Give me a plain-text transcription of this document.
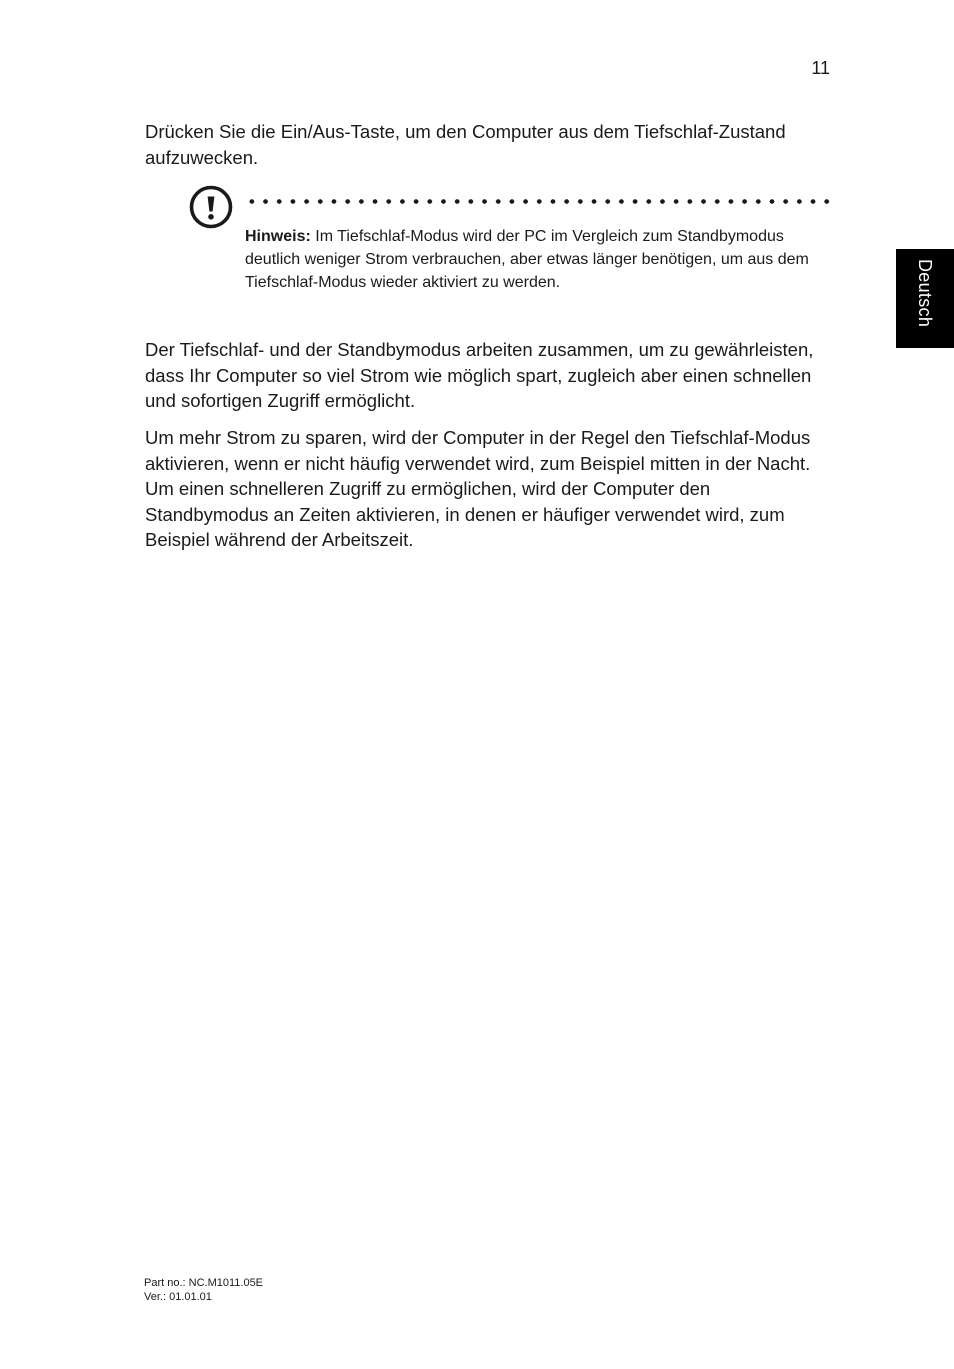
11
Deutsch

Drücken Sie die Ein/Aus-Taste, um den Computer aus dem Tiefschlaf-Zustand aufzuwecken.

Hinweis: Im Tiefschlaf-Modus wird der PC im Vergleich zum Standbymodus deutlich weniger Strom verbrauchen, aber etwas länger benötigen, um aus dem Tiefschlaf-Modus wieder aktiviert zu werden.

Der Tiefschlaf- und der Standbymodus arbeiten zusammen, um zu gewährleisten, dass Ihr Computer so viel Strom wie möglich spart, zugleich aber einen schnellen und sofortigen Zugriff ermöglicht.

Um mehr Strom zu sparen, wird der Computer in der Regel den Tiefschlaf-Modus aktivieren, wenn er nicht häufig verwendet wird, zum Beispiel mitten in der Nacht. Um einen schnelleren Zugriff zu ermöglichen, wird der Computer den Standbymodus an Zeiten aktivieren, in denen er häufiger verwendet wird, zum Beispiel während der Arbeitszeit.

Part no.: NC.M1011.05E
Ver.: 01.01.01
